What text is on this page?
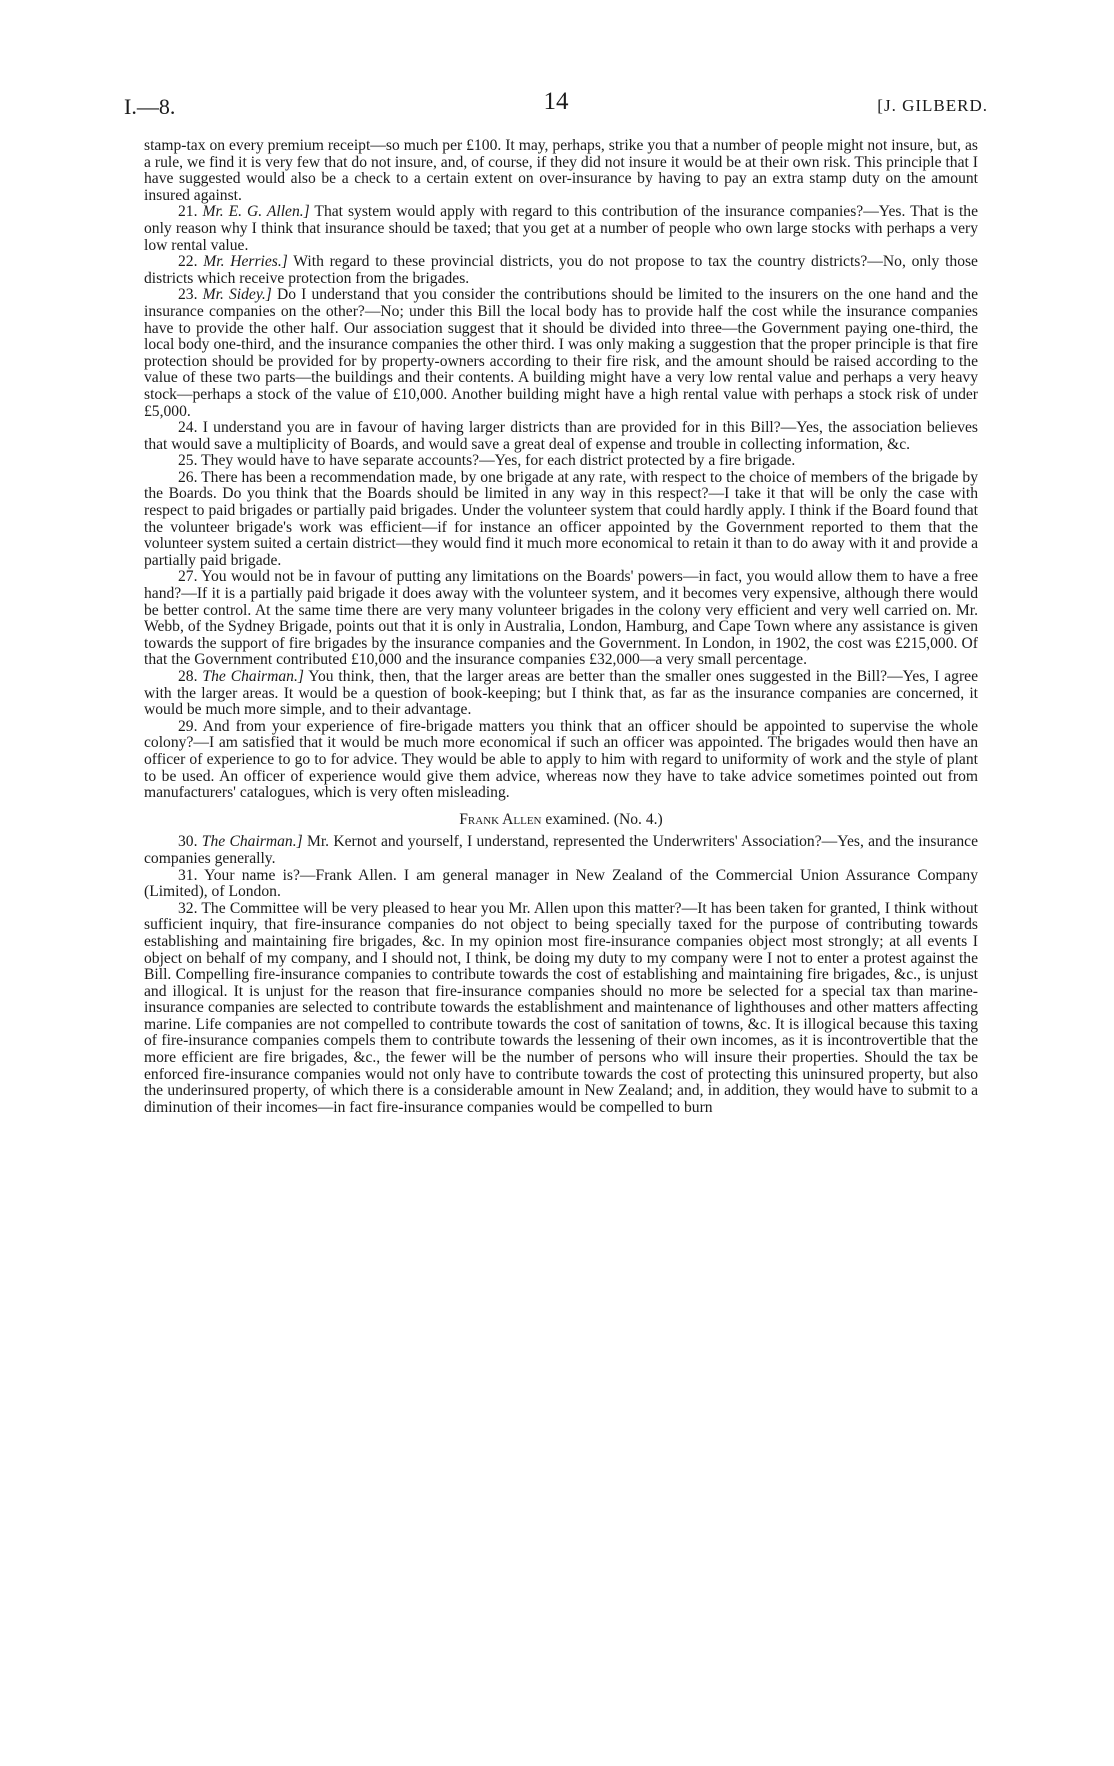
I.—8.	14	[J. GILBERD.

stamp-tax on every premium receipt—so much per £100. It may, perhaps, strike you that a number of people might not insure, but, as a rule, we find it is very few that do not insure, and, of course, if they did not insure it would be at their own risk. This principle that I have suggested would also be a check to a certain extent on over-insurance by having to pay an extra stamp duty on the amount insured against.

21. Mr. E. G. Allen.] That system would apply with regard to this contribution of the insurance companies?—Yes. That is the only reason why I think that insurance should be taxed; that you get at a number of people who own large stocks with perhaps a very low rental value.

22. Mr. Herries.] With regard to these provincial districts, you do not propose to tax the country districts?—No, only those districts which receive protection from the brigades.

23. Mr. Sidey.] Do I understand that you consider the contributions should be limited to the insurers on the one hand and the insurance companies on the other?—No; under this Bill the local body has to provide half the cost while the insurance companies have to provide the other half. Our association suggest that it should be divided into three—the Government paying one-third, the local body one-third, and the insurance companies the other third. I was only making a suggestion that the proper principle is that fire protection should be provided for by property-owners according to their fire risk, and the amount should be raised according to the value of these two parts—the buildings and their contents. A building might have a very low rental value and perhaps a very heavy stock—perhaps a stock of the value of £10,000. Another building might have a high rental value with perhaps a stock risk of under £5,000.

24. I understand you are in favour of having larger districts than are provided for in this Bill?—Yes, the association believes that would save a multiplicity of Boards, and would save a great deal of expense and trouble in collecting information, &c.

25. They would have to have separate accounts?—Yes, for each district protected by a fire brigade.

26. There has been a recommendation made, by one brigade at any rate, with respect to the choice of members of the brigade by the Boards. Do you think that the Boards should be limited in any way in this respect?—I take it that will be only the case with respect to paid brigades or partially paid brigades. Under the volunteer system that could hardly apply. I think if the Board found that the volunteer brigade's work was efficient—if for instance an officer appointed by the Government reported to them that the volunteer system suited a certain district—they would find it much more economical to retain it than to do away with it and provide a partially paid brigade.

27. You would not be in favour of putting any limitations on the Boards' powers—in fact, you would allow them to have a free hand?—If it is a partially paid brigade it does away with the volunteer system, and it becomes very expensive, although there would be better control. At the same time there are very many volunteer brigades in the colony very efficient and very well carried on. Mr. Webb, of the Sydney Brigade, points out that it is only in Australia, London, Hamburg, and Cape Town where any assistance is given towards the support of fire brigades by the insurance companies and the Government. In London, in 1902, the cost was £215,000. Of that the Government contributed £10,000 and the insurance companies £32,000—a very small percentage.

28. The Chairman.] You think, then, that the larger areas are better than the smaller ones suggested in the Bill?—Yes, I agree with the larger areas. It would be a question of book-keeping; but I think that, as far as the insurance companies are concerned, it would be much more simple, and to their advantage.

29. And from your experience of fire-brigade matters you think that an officer should be appointed to supervise the whole colony?—I am satisfied that it would be much more economical if such an officer was appointed. The brigades would then have an officer of experience to go to for advice. They would be able to apply to him with regard to uniformity of work and the style of plant to be used. An officer of experience would give them advice, whereas now they have to take advice sometimes pointed out from manufacturers' catalogues, which is very often misleading.

Frank Allen examined. (No. 4.)

30. The Chairman.] Mr. Kernot and yourself, I understand, represented the Underwriters' Association?—Yes, and the insurance companies generally.

31. Your name is?—Frank Allen. I am general manager in New Zealand of the Commercial Union Assurance Company (Limited), of London.

32. The Committee will be very pleased to hear you Mr. Allen upon this matter?—It has been taken for granted, I think without sufficient inquiry, that fire-insurance companies do not object to being specially taxed for the purpose of contributing towards establishing and maintaining fire brigades, &c. In my opinion most fire-insurance companies object most strongly; at all events I object on behalf of my company, and I should not, I think, be doing my duty to my company were I not to enter a protest against the Bill. Compelling fire-insurance companies to contribute towards the cost of establishing and maintaining fire brigades, &c., is unjust and illogical. It is unjust for the reason that fire-insurance companies should no more be selected for a special tax than marine-insurance companies are selected to contribute towards the establishment and maintenance of lighthouses and other matters affecting marine. Life companies are not compelled to contribute towards the cost of sanitation of towns, &c. It is illogical because this taxing of fire-insurance companies compels them to contribute towards the lessening of their own incomes, as it is incontrovertible that the more efficient are fire brigades, &c., the fewer will be the number of persons who will insure their properties. Should the tax be enforced fire-insurance companies would not only have to contribute towards the cost of protecting this uninsured property, but also the underinsured property, of which there is a considerable amount in New Zealand; and, in addition, they would have to submit to a diminution of their incomes—in fact fire-insurance companies would be compelled to burn
